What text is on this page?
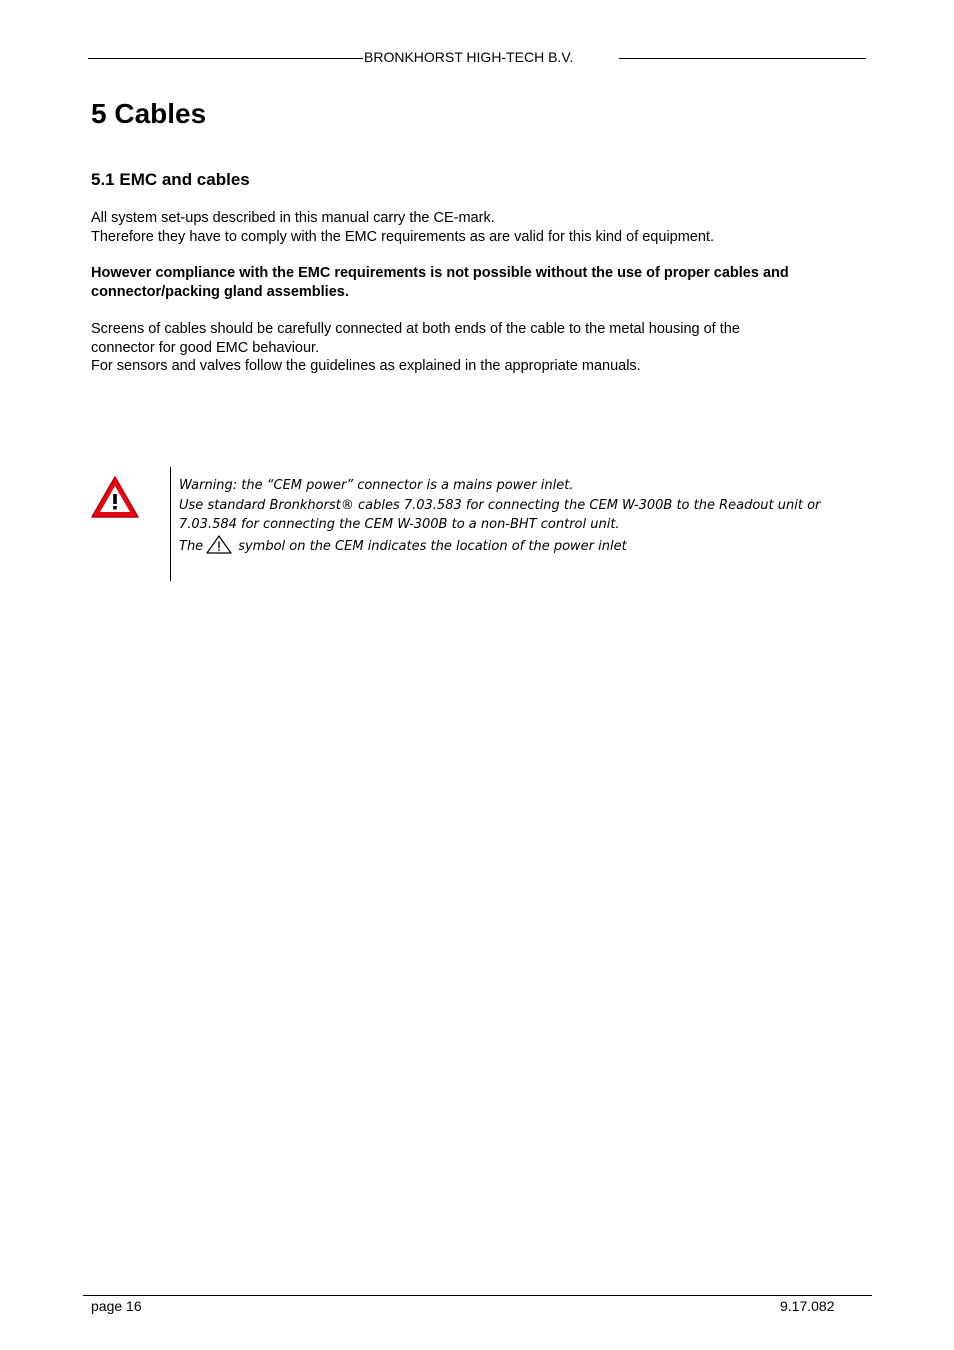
BRONKHORST HIGH-TECH B.V.
5 Cables
5.1 EMC and cables

All system set-ups described in this manual carry the CE-mark.
Therefore they have to comply with the EMC requirements as are valid for this kind of equipment.

However compliance with the EMC requirements is not possible without the use of proper cables and
connector/packing gland assemblies.

Screens of cables should be carefully connected at both ends of the cable to the metal housing of the
connector for good EMC behaviour.
For sensors and valves follow the guidelines as explained in the appropriate manuals.

Warning: the “CEM power” connector is a mains power inlet.
Use standard Bronkhorst® cables 7.03.583 for connecting the CEM W-300B to the Readout unit or
7.03.584 for connecting the CEM W-300B to a non-BHT control unit.
The	symbol on the CEM indicates the location of the power inlet
page 16	9.17.082
